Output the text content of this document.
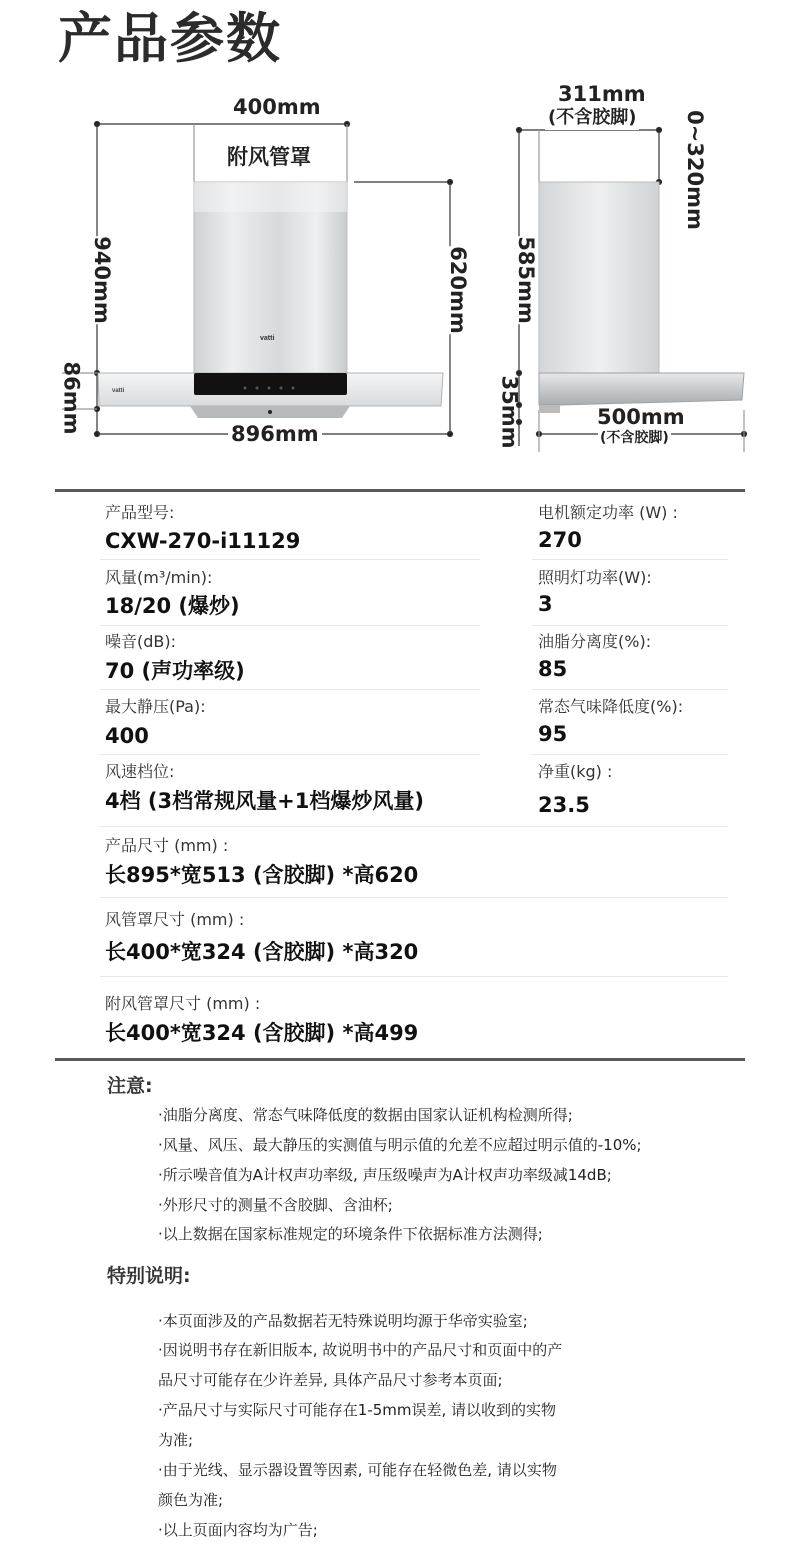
产品参数
vatti
vatti
400mm
附风管罩
940mm	620mm
86mm	896mm
311mm
(不含胶脚) 0~320mm
585mm
35mm	500mm
(不含胶脚)
产品型号:
CXW-270-i11129
电机额定功率 (W) :
270
风量(m³/min):
18/20 (爆炒)
照明灯功率(W):
3
噪音(dB):
70 (声功率级)
油脂分离度(%):
85
最大静压(Pa):
400
常态气味降低度(%):
95
风速档位:
4档 (3档常规风量+1档爆炒风量)
净重(kg) :
23.5
产品尺寸 (mm) :
长895*宽513 (含胶脚) *高620
风管罩尺寸 (mm) :
长400*宽324 (含胶脚) *高320
附风管罩尺寸 (mm) :
长400*宽324 (含胶脚) *高499
注意:
·油脂分离度、常态气味降低度的数据由国家认证机构检测所得;
·风量、风压、最大静压的实测值与明示值的允差不应超过明示值的-10%;
·所示噪音值为A计权声功率级, 声压级噪声为A计权声功率级减14dB;
·外形尺寸的测量不含胶脚、含油杯;
·以上数据在国家标准规定的环境条件下依据标准方法测得;
特别说明:
·本页面涉及的产品数据若无特殊说明均源于华帝实验室;
·因说明书存在新旧版本, 故说明书中的产品尺寸和页面中的产
品尺寸可能存在少许差异, 具体产品尺寸参考本页面;
·产品尺寸与实际尺寸可能存在1-5mm误差, 请以收到的实物
为准;
·由于光线、显示器设置等因素, 可能存在轻微色差, 请以实物
颜色为准;
·以上页面内容均为广告;
